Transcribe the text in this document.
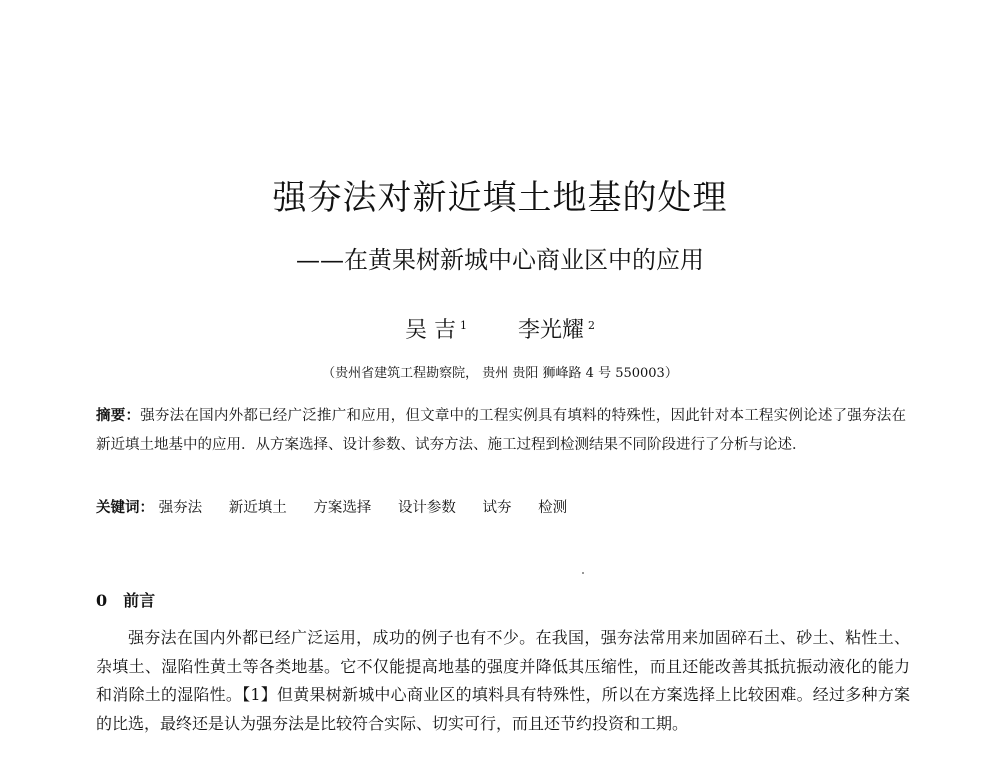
强夯法对新近填土地基的处理
——在黄果树新城中心商业区中的应用
吴 吉 $^1$ 李光耀 $^2$
（贵州省建筑工程勘察院， 贵州 贵阳 狮峰路 4 号 550003）
摘要：强夯法在国内外都已经广泛推广和应用，但文章中的工程实例具有填料的特殊性，因此针对本工程实例论述了强夯法在新近填土地基中的应用．从方案选择、设计参数、试夯方法、施工过程到检测结果不同阶段进行了分析与论述．
关键词： 强夯法 新近填土 方案选择 设计参数 试夯 检测
0 前言

强夯法在国内外都已经广泛运用，成功的例子也有不少。在我国，强夯法常用来加固碎石土、砂土、粘性土、杂填土、湿陷性黄土等各类地基。它不仅能提高地基的强度并降低其压缩性，而且还能改善其抵抗振动液化的能力和消除土的湿陷性。【1】但黄果树新城中心商业区的填料具有特殊性，所以在方案选择上比较困难。经过多种方案的比选，最终还是认为强夯法是比较符合实际、切实可行，而且还节约投资和工期。
